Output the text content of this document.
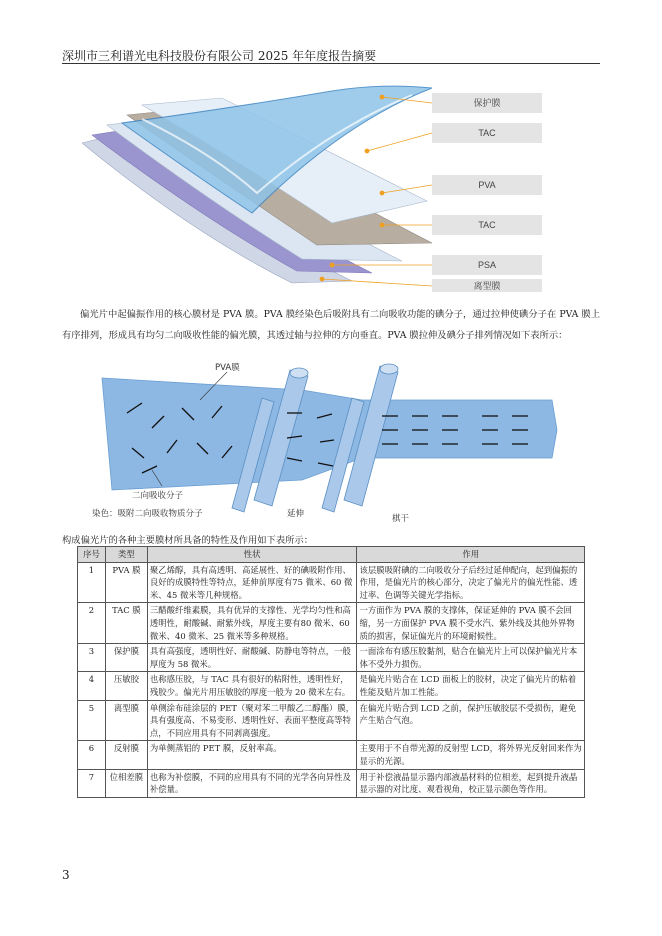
深圳市三利谱光电科技股份有限公司 2025 年年度报告摘要
保护膜
TAC
PVA
TAC
PSA
离型膜
偏光片中起偏振作用的核心膜材是 PVA 膜。PVA 膜经染色后吸附具有二向吸收功能的碘分子，通过拉伸使碘分子在 PVA 膜上有序排列，形成具有均匀二向吸收性能的偏光膜，其透过轴与拉伸的方向垂直。PVA 膜拉伸及碘分子排列情况如下表所示：
PVA膜
二向吸收分子
染色：吸附二向吸收物质分子	延伸	棋干
构成偏光片的各种主要膜材所具备的特性及作用如下表所示：
序号	类型	性状	作用
1	PVA 膜	聚乙烯醇，具有高透明、高延展性、好的碘吸附作用、良好的成膜特性等特点，延伸前厚度有75 微米、60 微米、45 微米等几种规格。	该层膜吸附碘的二向吸收分子后经过延伸配向，起到偏振的作用，是偏光片的核心部分，决定了偏光片的偏光性能、透过率、色调等关键光学指标。
2	TAC 膜	三醋酸纤维素膜，具有优异的支撑性、光学均匀性和高透明性，耐酸碱、耐紫外线，厚度主要有80 微米、60 微米、40 微米、25 微米等多种规格。	一方面作为 PVA 膜的支撑体，保证延伸的 PVA 膜不会回缩，另一方面保护 PVA 膜不受水汽、紫外线及其他外界物质的损害，保证偏光片的环境耐候性。
3	保护膜	具有高强度，透明性好、耐酸碱、防静电等特点，一般厚度为 58 微米。	一面涂布有感压胶黏剂，贴合在偏光片上可以保护偏光片本体不受外力损伤。
4	压敏胶	也称感压胶，与 TAC 具有很好的粘附性，透明性好，残胶少。偏光片用压敏胶的厚度一般为 20 微米左右。	是偏光片贴合在 LCD 面板上的胶材，决定了偏光片的粘着性能及贴片加工性能。
5	离型膜	单侧涂布硅涂层的 PET（聚对苯二甲酸乙二醇酯）膜，具有强度高、不易变形、透明性好、表面平整度高等特点，不同应用具有不同剥离强度。	在偏光片贴合到 LCD 之前，保护压敏胶层不受损伤，避免产生贴合气泡。
6	反射膜	为单侧蒸铝的 PET 膜，反射率高。	主要用于不自带光源的反射型 LCD，将外界光反射回来作为显示的光源。
7	位相差膜	也称为补偿膜，不同的应用具有不同的光学各向异性及补偿量。	用于补偿液晶显示器内部液晶材料的位相差，起到提升液晶显示器的对比度、观看视角，校正显示颜色等作用。
3
